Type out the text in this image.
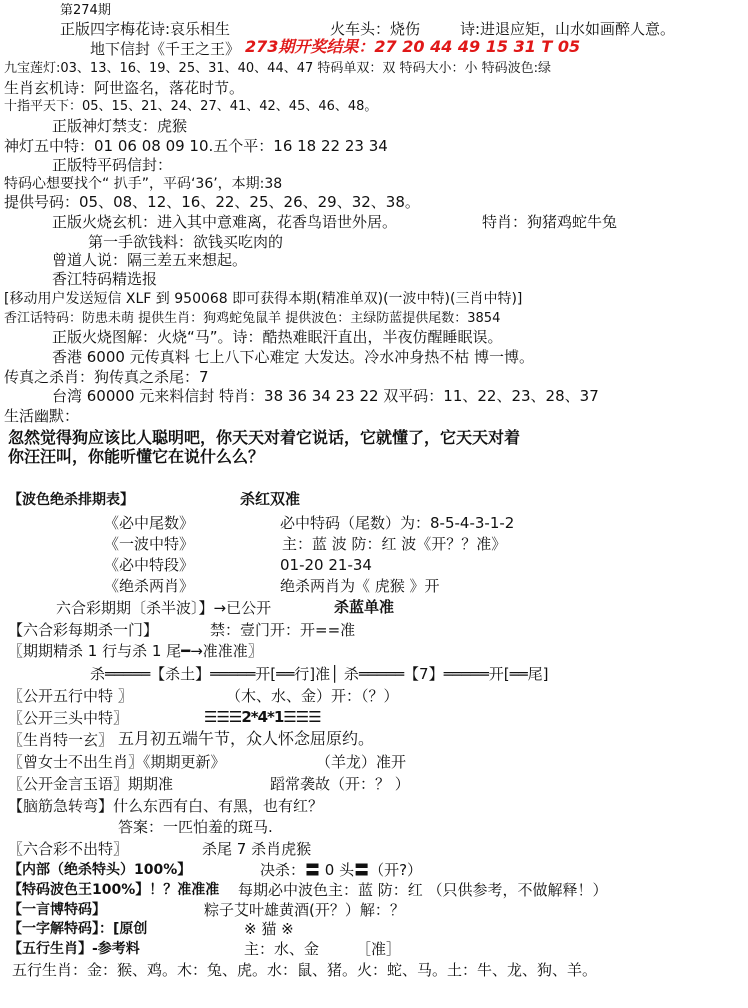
第274期
正版四字梅花诗:哀乐相生	火车头：烧伤	诗:进退应矩，山水如画醉人意。
地下信封《千王之王》 273期开奖结果：27 20 44 49 15 31 T 05
九宝莲灯:03、13、16、19、25、31、40、44、47 特码单双：双 特码大小：小 特码波色:绿
生肖玄机诗：阿世盗名，落花时节。
十指平天下：05、15、21、24、27、41、42、45、46、48。
正版神灯禁支：虎猴
神灯五中特：01 06 08 09 10.五个平：16 18 22 23 34
正版特平码信封：
特码心想要找个“ 扒手”，平码‘36’，本期:38
提供号码：05、08、12、16、22、25、26、29、32、38。
正版火烧玄机：进入其中意难离，花香鸟语世外居。	特肖：狗猪鸡蛇牛兔
第一手欲钱料：欲钱买吃肉的
曾道人说：隔三差五来想起。
香江特码精选报
[移动用户发送短信 XLF 到 950068 即可获得本期(精准单双)(一波中特)(三肖中特)]
香江话特码：防患未萌 提供生肖：狗鸡蛇兔鼠羊 提供波色：主绿防蓝提供尾数：3854
正版火烧图解：火烧“马”。诗：酷热难眠汗直出，半夜仿醒睡眠误。
香港 6000 元传真料 七上八下心难定 大发达。冷水冲身热不枯 博一博。
传真之杀肖：狗传真之杀尾：7
台湾 60000 元来料信封 特肖：38 36 34 23 22 双平码：11、22、23、28、37
生活幽默：
忽然觉得狗应该比人聪明吧，你天天对着它说话，它就懂了，它天天对着
你汪汪叫，你能听懂它在说什么么？
【波色绝杀排期表】	杀红双准
《必中尾数》	必中特码（尾数）为：8-5-4-3-1-2
《一波中特》	主：蓝 波 防：红 波《开？？准》
《必中特段》	01-20 21-34
《绝杀两肖》	绝杀两肖为《 虎猴 》开
六合彩期期〔杀半波〕】→已公开	杀蓝单准
【六合彩每期杀一门】	禁：壹门开：开==准
〖期期精杀 1 行与杀 1 尾━→准准准〗
杀═════【杀土】═════开[══行]准│ 杀═════【7】═════开[══尾]
〖公开五行中特 〗	（木、水、金）开：（？）
〖公开三头中特〗	☰☰☰2*4*1☰☰☰
〖生肖特一玄〗 五月初五端午节，众人怀念屈原约。
〖曾女士不出生肖〗《期期更新》	（羊龙）准开
〖公开金言玉语〗期期准	蹈常袭故（开：？ ）
【脑筋急转弯】什么东西有白、有黑，也有红？
答案：一匹怕羞的斑马.
〖六合彩不出特〗	杀尾 7 杀肖虎猴
【内部（绝杀特头）100%】	决杀：〓 0 头〓（开?）
【特码波色王100%】！？准准准 每期必中波色主：蓝 防：红 （只供参考，不做解释！）
【一言博特码】	粽子艾叶雄黄酒(开？）解：？
【一字解特码】：[原创	※ 猫 ※
【五行生肖】-参考料	主：水、金 ［准］
五行生肖：金：猴、鸡。木：兔、虎。水：鼠、猪。火：蛇、马。土：牛、龙、狗、羊。
